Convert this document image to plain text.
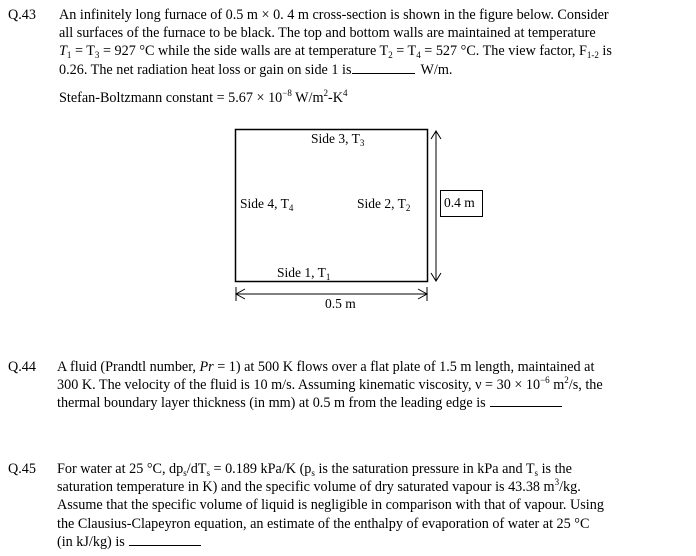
Q.43 An infinitely long furnace of 0.5 m × 0. 4 m cross-section is shown in the figure below. Consider
all surfaces of the furnace to be black. The top and bottom walls are maintained at temperature
$T_1 = T_3 = 927$ °C while the side walls are at temperature $T_2 = T_4 = 527$ °C. The view factor, $F_{1-2}$ is
0.26. The net radiation heat loss or gain on side 1 is	W/m.
Stefan-Boltzmann constant = $5.67 \times 10^{-8}$ $W/m^2-K^4$
Side 3, $T_3$
Side 4, $T_4$	Side 2, $T_2$
Side 1, $T_1$
0.4 m
0.5 m
Q.44 A fluid (Prandtl number, Pr = 1) at 500 K flows over a flat plate of 1.5 m length, maintained at
300 K. The velocity of the fluid is 10 m/s. Assuming kinematic viscosity, $\nu = 30 \times 10^{-6}$ $m^2/s$, the
thermal boundary layer thickness (in mm) at 0.5 m from the leading edge is
Q.45 For water at 25 °C, $dp_s/dT_s = 0.189$ kPa/K ($p_s$ is the saturation pressure in kPa and $T_s$ is the
saturation temperature in K) and the specific volume of dry saturated vapour is 43.38 $m^3/kg$.
Assume that the specific volume of liquid is negligible in comparison with that of vapour. Using
the Clausius-Clapeyron equation, an estimate of the enthalpy of evaporation of water at 25 °C
(in kJ/kg) is
